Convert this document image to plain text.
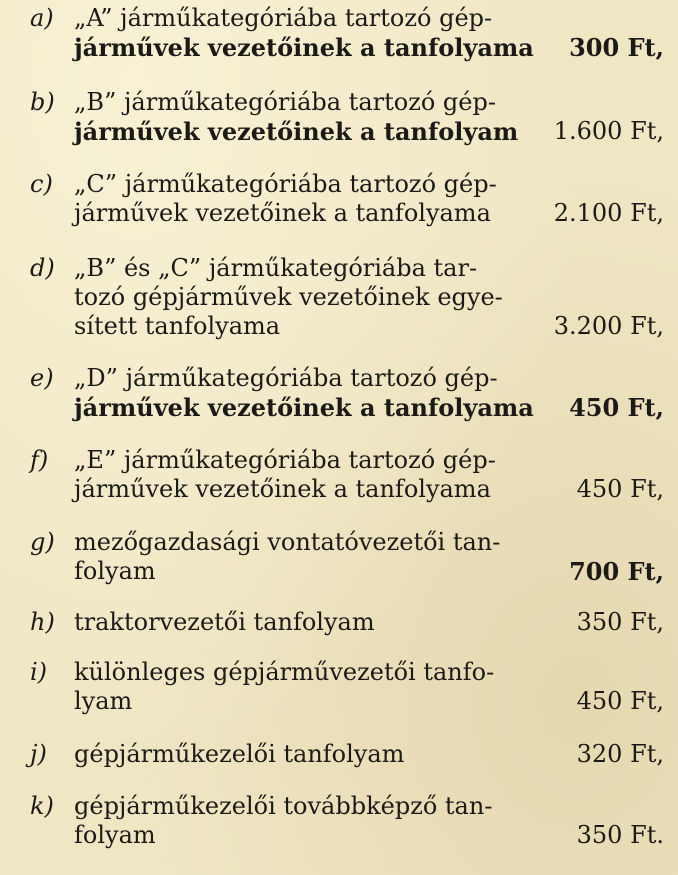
a) „A” járműkategóriába tartozó gép-
járművek vezetőinek a tanfolyama 300 Ft,
b) „B” járműkategóriába tartozó gép-
járművek vezetőinek a tanfolyam	1.600 Ft,
c) „C” járműkategóriába tartozó gép-
járművek vezetőinek a tanfolyama	2.100 Ft,
d) „B” és „C” járműkategóriába tar-
tozó gépjárművek vezetőinek egye-
sített tanfolyama	3.200 Ft,
e) „D” járműkategóriába tartozó gép-
járművek vezetőinek a tanfolyama 450 Ft,
f) „E” járműkategóriába tartozó gép-
járművek vezetőinek a tanfolyama	450 Ft,
g) mezőgazdasági vontatóvezetői tan-
folyam	700 Ft,
h) traktorvezetői tanfolyam	350 Ft,
i) különleges gépjárművezetői tanfo-
lyam	450 Ft,
j) gépjárműkezelői tanfolyam	320 Ft,
k) gépjárműkezelői továbbképző tan-
folyam	350 Ft.
